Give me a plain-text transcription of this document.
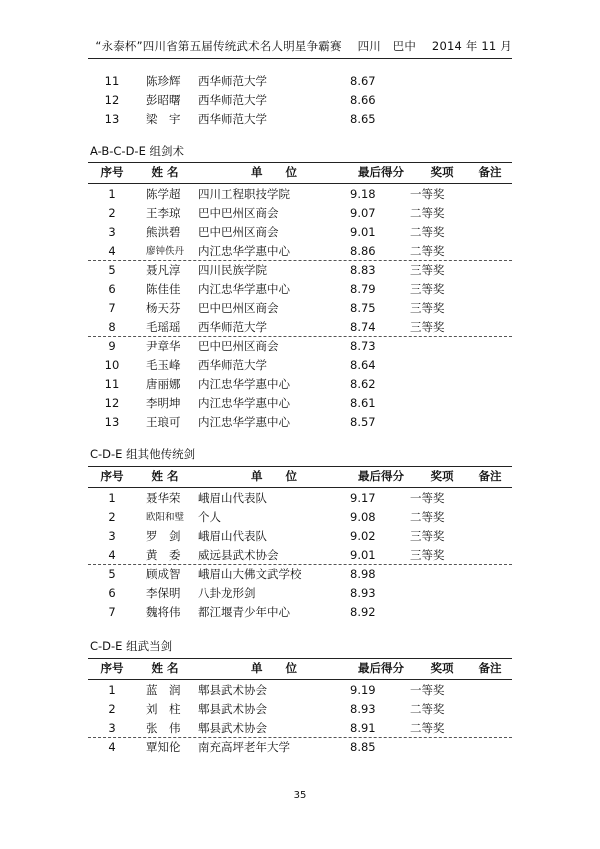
“永泰杯”四川省第五届传统武术名人明星争霸赛 四川　巴中 2014 年 11 月
11 陈珍辉	西华师范大学	8.67
12 彭昭曙	西华师范大学	8.66
13 梁　宇	西华师范大学	8.65
A-B-C-D-E 组剑术
序号	姓 名	单　　位	最后得分	奖项	备注
1	陈学超	四川工程职技学院	9.18	一等奖
2	王李琼	巴中巴州区商会	9.07	二等奖
3	熊洪碧	巴中巴州区商会	9.01	二等奖
4	廖钟佚丹	内江忠华学惠中心	8.86	二等奖
5	聂凡淳	四川民族学院	8.83	三等奖
6	陈佳佳	内江忠华学惠中心	8.79	三等奖
7	杨天芬	巴中巴州区商会	8.75	三等奖
8	毛瑶瑶	西华师范大学	8.74	三等奖
9	尹章华	巴中巴州区商会	8.73
10 毛玉峰	西华师范大学	8.64
11 唐丽娜	内江忠华学惠中心	8.62
12 李明坤	内江忠华学惠中心	8.61
13 王琅可	内江忠华学惠中心	8.57
C-D-E 组其他传统剑
序号	姓 名	单　　位	最后得分	奖项	备注
1	聂华荣	峨眉山代表队	9.17	一等奖
2	欧阳和璧	个人	9.08	二等奖
3	罗　剑	峨眉山代表队	9.02	三等奖
4	黄　委	威远县武术协会	9.01	三等奖
5	顾成智	峨眉山大佛文武学校	8.98
6	李保明	八卦龙形剑	8.93
7	魏将伟	都江堰青少年中心	8.92
C-D-E 组武当剑
序号	姓 名	单　　位	最后得分	奖项	备注
1	蓝　润	郫县武术协会	9.19	一等奖
2	刘　柱	郫县武术协会	8.93	二等奖
3	张　伟	郫县武术协会	8.91	二等奖
4	覃知伦	南充高坪老年大学	8.85
35
